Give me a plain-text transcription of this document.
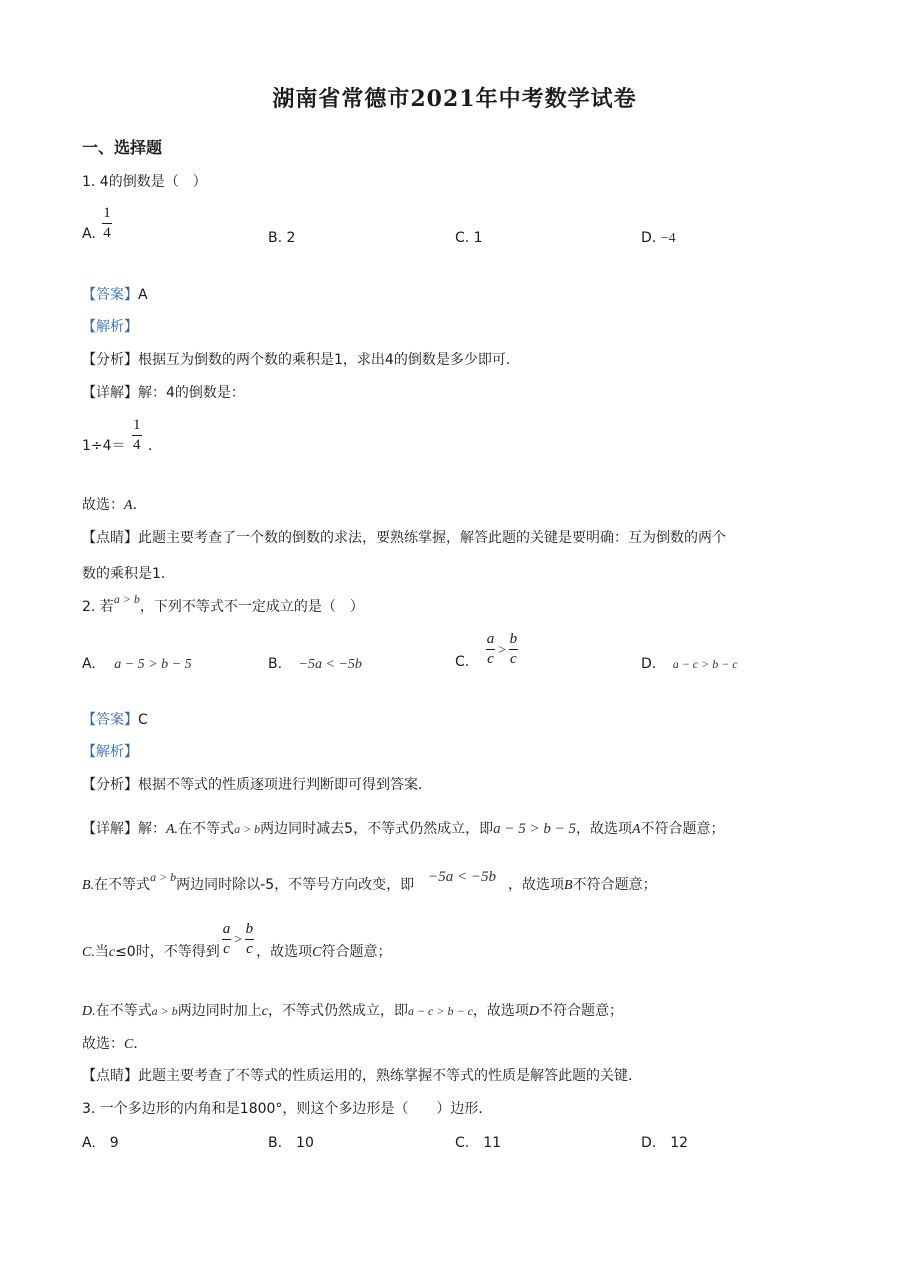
湖南省常德市2021年中考数学试卷
一、选择题
1. 4的倒数是（　）
A. $\frac{1}{4}$	B. 2	C. 1	D. −4
【答案】A
【解析】
【分析】根据互为倒数的两个数的乘积是1，求出4的倒数是多少即可．
【详解】解：4的倒数是：
$1\div 4= \frac{1}{4}$ ．
故选：A．
【点睛】此题主要考查了一个数的倒数的求法，要熟练掌握，解答此题的关键是要明确：互为倒数的两个
数的乘积是1．
2. 若a > b，下列不等式不一定成立的是（　）
A. a − 5 > b − 5	B. −5a < −5b	C. $\frac{a}{c} > \frac{b}{c}$	D. a − c > b − c
【答案】C
【解析】
【分析】根据不等式的性质逐项进行判断即可得到答案．
【详解】解：A.在不等式a > b两边同时减去5，不等式仍然成立，即a − 5 > b − 5，故选项A不符合题意；
B.在不等式a > b两边同时除以-5，不等号方向改变，即 −5a < −5b ，故选项B不符合题意；
C.当c≤0时，不等得到 $\frac{a}{c} > \frac{b}{c}$ ，故选项C符合题意；
D.在不等式a > b两边同时加上c，不等式仍然成立，即a − c > b − c，故选项D不符合题意；
故选：C．
【点睛】此题主要考查了不等式的性质运用的，熟练掌握不等式的性质是解答此题的关键．
3. 一个多边形的内角和是1800°，则这个多边形是（　　）边形．
A.　9	B.　10	C.　11	D.　12
